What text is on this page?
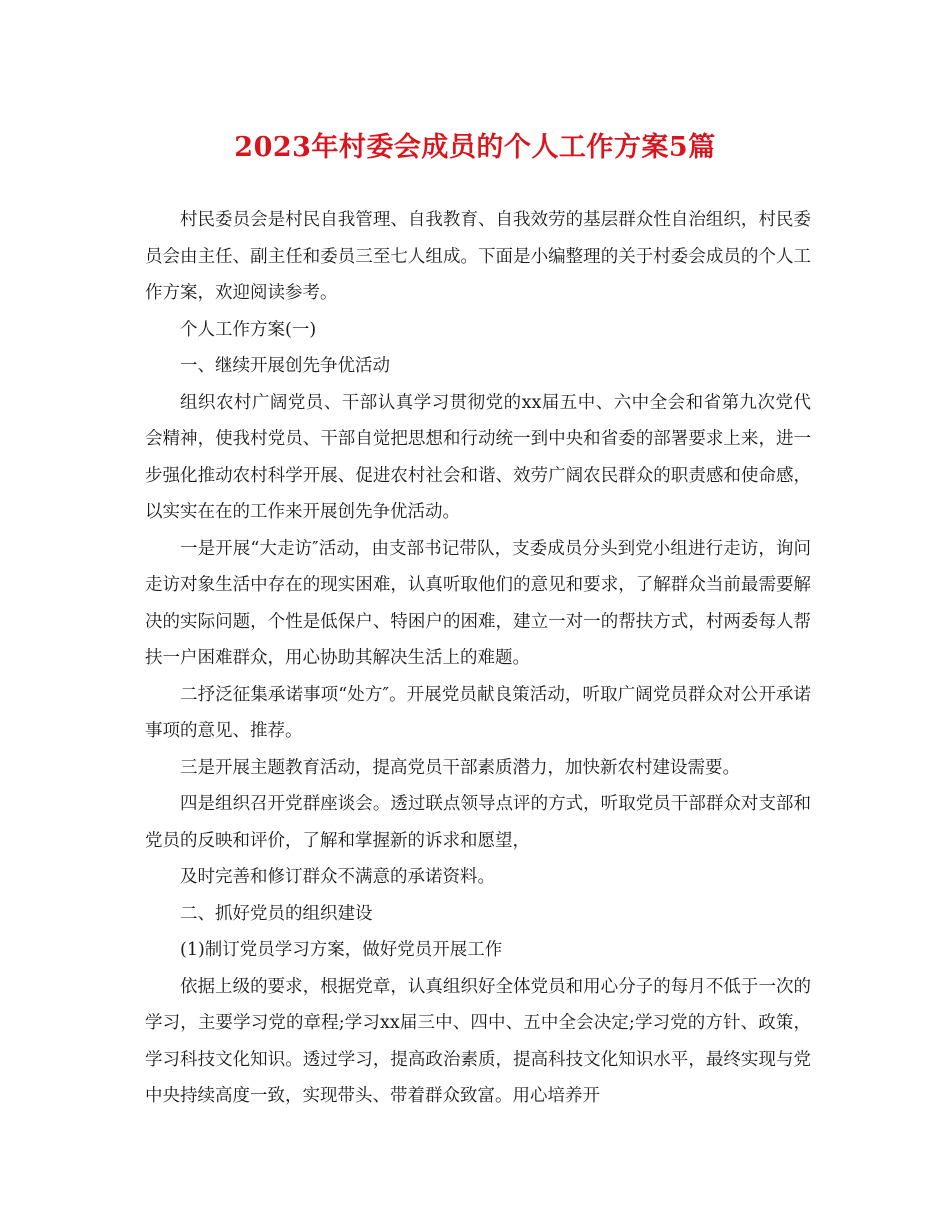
2023年村委会成员的个人工作方案5篇

村民委员会是村民自我管理、自我教育、自我效劳的基层群众性自治组织，村民委员会由主任、副主任和委员三至七人组成。下面是小编整理的关于村委会成员的个人工作方案，欢迎阅读参考。

个人工作方案(一)

一、继续开展创先争优活动

组织农村广阔党员、干部认真学习贯彻党的xx届五中、六中全会和省第九次党代会精神，使我村党员、干部自觉把思想和行动统一到中央和省委的部署要求上来，进一步强化推动农村科学开展、促进农村社会和谐、效劳广阔农民群众的职责感和使命感，以实实在在的工作来开展创先争优活动。

一是开展“大走访″活动，由支部书记带队，支委成员分头到党小组进行走访，询问走访对象生活中存在的现实困难，认真听取他们的意见和要求，了解群众当前最需要解决的实际问题，个性是低保户、特困户的困难，建立一对一的帮扶方式，村两委每人帮扶一户困难群众，用心协助其解决生活上的难题。

二抒泛征集承诺事项“处方″。开展党员献良策活动，听取广阔党员群众对公开承诺事项的意见、推荐。

三是开展主题教育活动，提高党员干部素质潜力，加快新农村建设需要。

四是组织召开党群座谈会。透过联点领导点评的方式，听取党员干部群众对支部和党员的反映和评价，了解和掌握新的诉求和愿望，

及时完善和修订群众不满意的承诺资料。

二、抓好党员的组织建设

(1)制订党员学习方案，做好党员开展工作

依据上级的要求，根据党章，认真组织好全体党员和用心分子的每月不低于一次的学习，主要学习党的章程;学习xx届三中、四中、五中全会决定;学习党的方针、政策，学习科技文化知识。透过学习，提高政治素质，提高科技文化知识水平，最终实现与党中央持续高度一致，实现带头、带着群众致富。用心培养开
